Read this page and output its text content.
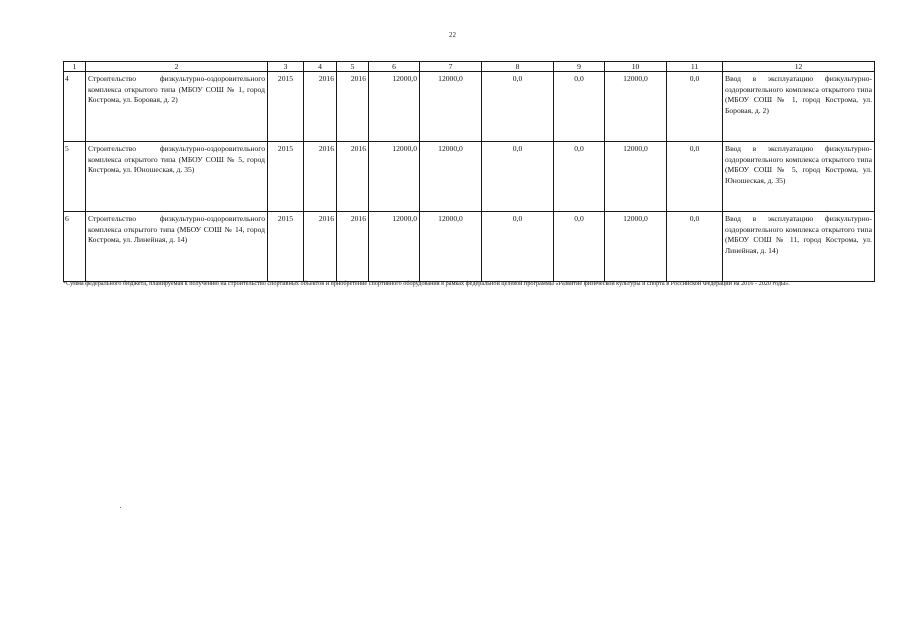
22
1	2	3	4	5	6	7	8	9	10	11	12
4	Строительство физкультурно-оздоровительного комплекса открытого типа (МБОУ СОШ № 1, город Кострома, ул. Боровая, д. 2)	2015	2016	2016	12000,0	12000,0	0,0	0,0	12000,0	0,0	Ввод в эксплуатацию физкультурно-оздоровительного комплекса открытого типа (МБОУ СОШ № 1, город Кострома, ул. Боровая, д. 2)
5	Строительство физкультурно-оздоровительного комплекса открытого типа (МБОУ СОШ № 5, город Кострома, ул. Юношеская, д. 35)	2015	2016	2016	12000,0	12000,0	0,0	0,0	12000,0	0,0	Ввод в эксплуатацию физкультурно-оздоровительного комплекса открытого типа (МБОУ СОШ № 5, город Кострома, ул. Юношеская, д. 35)
6	Строительство физкультурно-оздоровительного комплекса открытого типа (МБОУ СОШ № 14, город Кострома, ул. Линейная, д. 14)	2015	2016	2016	12000,0	12000,0	0,0	0,0	12000,0	0,0	Ввод в эксплуатацию физкультурно-оздоровительного комплекса открытого типа (МБОУ СОШ № 11, город Кострома, ул. Линейная, д. 14)
*Сумма федерального бюджета, планируемая к получению на строительство спортивных объектов и приобретение спортивного оборудования в рамках федеральной целевой программы «Развитие физической культуры и спорта в Российской Федерации на 2016 - 2020 годы».
